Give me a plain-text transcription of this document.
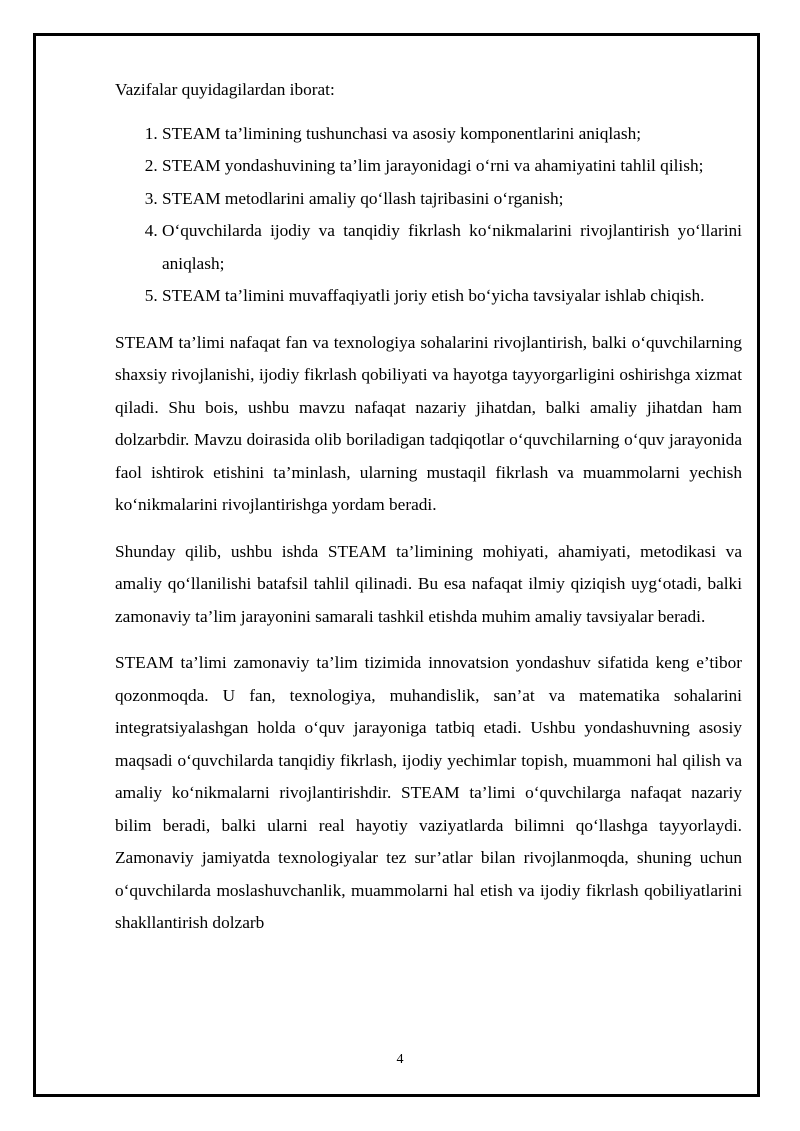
Vazifalar quyidagilardan iborat:

1. STEAM ta’limining tushunchasi va asosiy komponentlarini aniqlash;
2. STEAM yondashuvining ta’lim jarayonidagi o‘rni va ahamiyatini tahlil qilish;
3. STEAM metodlarini amaliy qo‘llash tajribasini o‘rganish;
4. O‘quvchilarda ijodiy va tanqidiy fikrlash ko‘nikmalarini rivojlantirish yo‘llarini aniqlash;
5. STEAM ta’limini muvaffaqiyatli joriy etish bo‘yicha tavsiyalar ishlab chiqish.

STEAM ta’limi nafaqat fan va texnologiya sohalarini rivojlantirish, balki o‘quvchilarning shaxsiy rivojlanishi, ijodiy fikrlash qobiliyati va hayotga tayyorgarligini oshirishga xizmat qiladi. Shu bois, ushbu mavzu nafaqat nazariy jihatdan, balki amaliy jihatdan ham dolzarbdir. Mavzu doirasida olib boriladigan tadqiqotlar o‘quvchilarning o‘quv jarayonida faol ishtirok etishini ta’minlash, ularning mustaqil fikrlash va muammolarni yechish ko‘nikmalarini rivojlantirishga yordam beradi.

Shunday qilib, ushbu ishda STEAM ta’limining mohiyati, ahamiyati, metodikasi va amaliy qo‘llanilishi batafsil tahlil qilinadi. Bu esa nafaqat ilmiy qiziqish uyg‘otadi, balki zamonaviy ta’lim jarayonini samarali tashkil etishda muhim amaliy tavsiyalar beradi.

STEAM ta’limi zamonaviy ta’lim tizimida innovatsion yondashuv sifatida keng e’tibor qozonmoqda. U fan, texnologiya, muhandislik, san’at va matematika sohalarini integratsiyalashgan holda o‘quv jarayoniga tatbiq etadi. Ushbu yondashuvning asosiy maqsadi o‘quvchilarda tanqidiy fikrlash, ijodiy yechimlar topish, muammoni hal qilish va amaliy ko‘nikmalarni rivojlantirishdir. STEAM ta’limi o‘quvchilarga nafaqat nazariy bilim beradi, balki ularni real hayotiy vaziyatlarda bilimni qo‘llashga tayyorlaydi. Zamonaviy jamiyatda texnologiyalar tez sur’atlar bilan rivojlanmoqda, shuning uchun o‘quvchilarda moslashuvchanlik, muammolarni hal etish va ijodiy fikrlash qobiliyatlarini shakllantirish dolzarb

4
